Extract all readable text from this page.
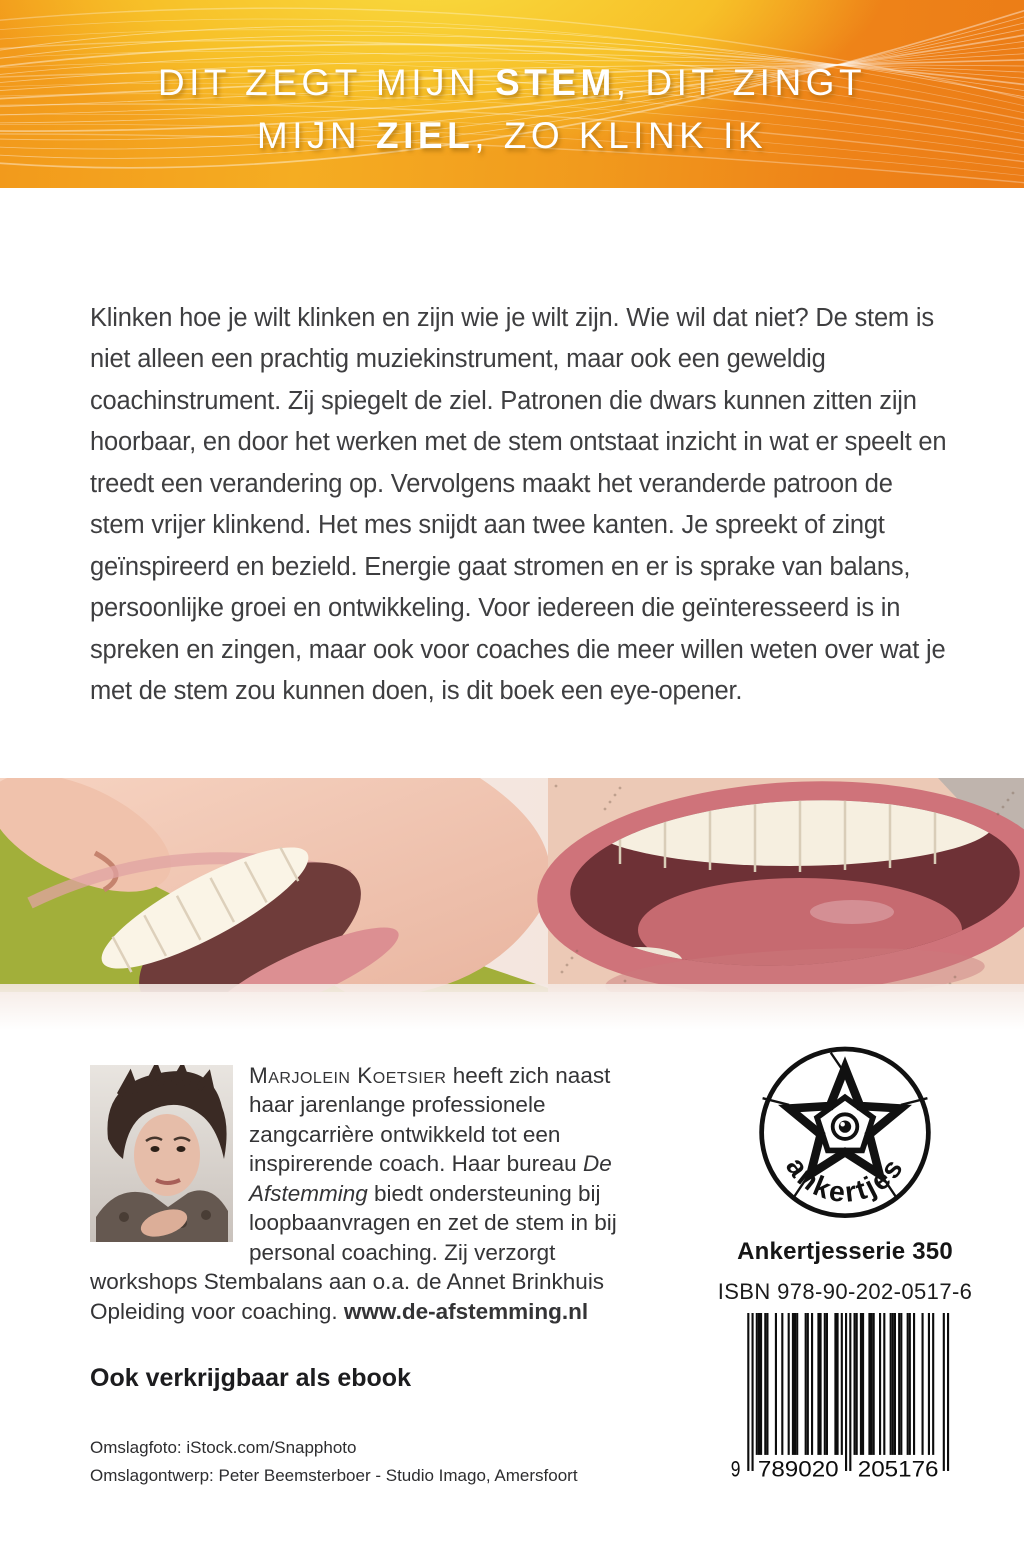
DIT ZEGT MIJN STEM, DIT ZINGT
MIJN ZIEL, ZO KLINK IK

Klinken hoe je wilt klinken en zijn wie je wilt zijn. Wie wil dat niet? De stem is niet alleen een prachtig muziekinstrument, maar ook een geweldig coachinstrument. Zij spiegelt de ziel. Patronen die dwars kunnen zitten zijn hoorbaar, en door het werken met de stem ontstaat inzicht in wat er speelt en treedt een verandering op. Vervolgens maakt het veranderde patroon de stem vrijer klinkend. Het mes snijdt aan twee kanten. Je spreekt of zingt geïnspireerd en bezield. Energie gaat stromen en er is sprake van balans, persoonlijke groei en ontwikkeling. Voor iedereen die geïnteresseerd is in spreken en zingen, maar ook voor coaches die meer willen weten over wat je met de stem zou kunnen doen, is dit boek een eye-opener.

Marjolein Koetsier heeft zich naast haar jarenlange professionele zangcarrière ontwikkeld tot een inspirerende coach. Haar bureau De Afstemming biedt ondersteuning bij loopbaanvragen en zet de stem in bij personal coaching. Zij verzorgt workshops Stembalans aan o.a. de Annet Brinkhuis Opleiding voor coaching. www.de-afstemming.nl

Ook verkrijgbaar als ebook
Omslagfoto: iStock.com/Snapphoto
Omslagontwerp: Peter Beemsterboer - Studio Imago, Amersfoort
ankertjes
Ankertjesserie 350
ISBN 978-90-202-0517-6
9 789020 205176
